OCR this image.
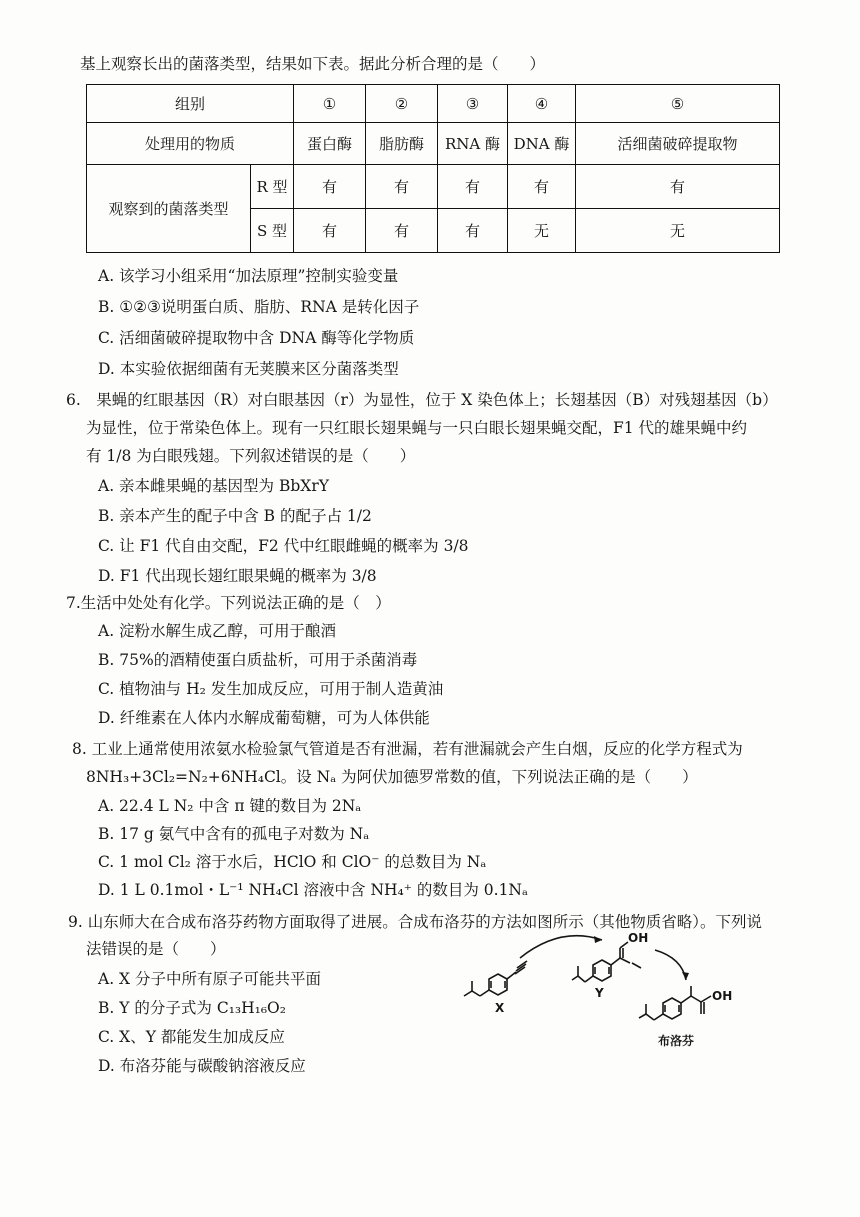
基上观察长出的菌落类型，结果如下表。据此分析合理的是（　　）
组别		①	②	③	④	⑤
处理用的物质		蛋白酶	脂肪酶	RNA 酶	DNA 酶	活细菌破碎提取物
观察到的菌落类型	R 型	有	有	有	有	有
	S 型	有	有	有	无	无
A. 该学习小组采用“加法原理”控制实验变量
B. ①②③说明蛋白质、脂肪、RNA 是转化因子
C. 活细菌破碎提取物中含 DNA 酶等化学物质
D. 本实验依据细菌有无荚膜来区分菌落类型
6.　果蝇的红眼基因（R）对白眼基因（r）为显性，位于 X 染色体上；长翅基因（B）对残翅基因（b）
为显性，位于常染色体上。现有一只红眼长翅果蝇与一只白眼长翅果蝇交配，F1 代的雄果蝇中约
有 1/8 为白眼残翅。下列叙述错误的是（　　）
A. 亲本雌果蝇的基因型为 BbXrY
B. 亲本产生的配子中含 B 的配子占 1/2
C. 让 F1 代自由交配，F2 代中红眼雌蝇的概率为 3/8
D. F1 代出现长翅红眼果蝇的概率为 3/8
7.生活中处处有化学。下列说法正确的是（　）
A. 淀粉水解生成乙醇，可用于酿酒
B. 75%的酒精使蛋白质盐析，可用于杀菌消毒
C. 植物油与 H₂ 发生加成反应，可用于制人造黄油
D. 纤维素在人体内水解成葡萄糖，可为人体供能
8. 工业上通常使用浓氨水检验氯气管道是否有泄漏，若有泄漏就会产生白烟，反应的化学方程式为
8NH₃+3Cl₂=N₂+6NH₄Cl。设 Nₐ 为阿伏加德罗常数的值，下列说法正确的是（　　）
A. 22.4 L N₂ 中含 π 键的数目为 2Nₐ
B. 17 g 氨气中含有的孤电子对数为 Nₐ
C. 1 mol Cl₂ 溶于水后，HClO 和 ClO⁻ 的总数目为 Nₐ
D. 1 L 0.1mol・L⁻¹ NH₄Cl 溶液中含 NH₄⁺ 的数目为 0.1Nₐ
9. 山东师大在合成布洛芬药物方面取得了进展。合成布洛芬的方法如图所示（其他物质省略）。下列说
法错误的是（　　）
A. X 分子中所有原子可能共平面
B. Y 的分子式为 C₁₃H₁₆O₂
C. X、Y 都能发生加成反应
D. 布洛芬能与碳酸钠溶液反应
X
Y
OH
OH
布洛芬
